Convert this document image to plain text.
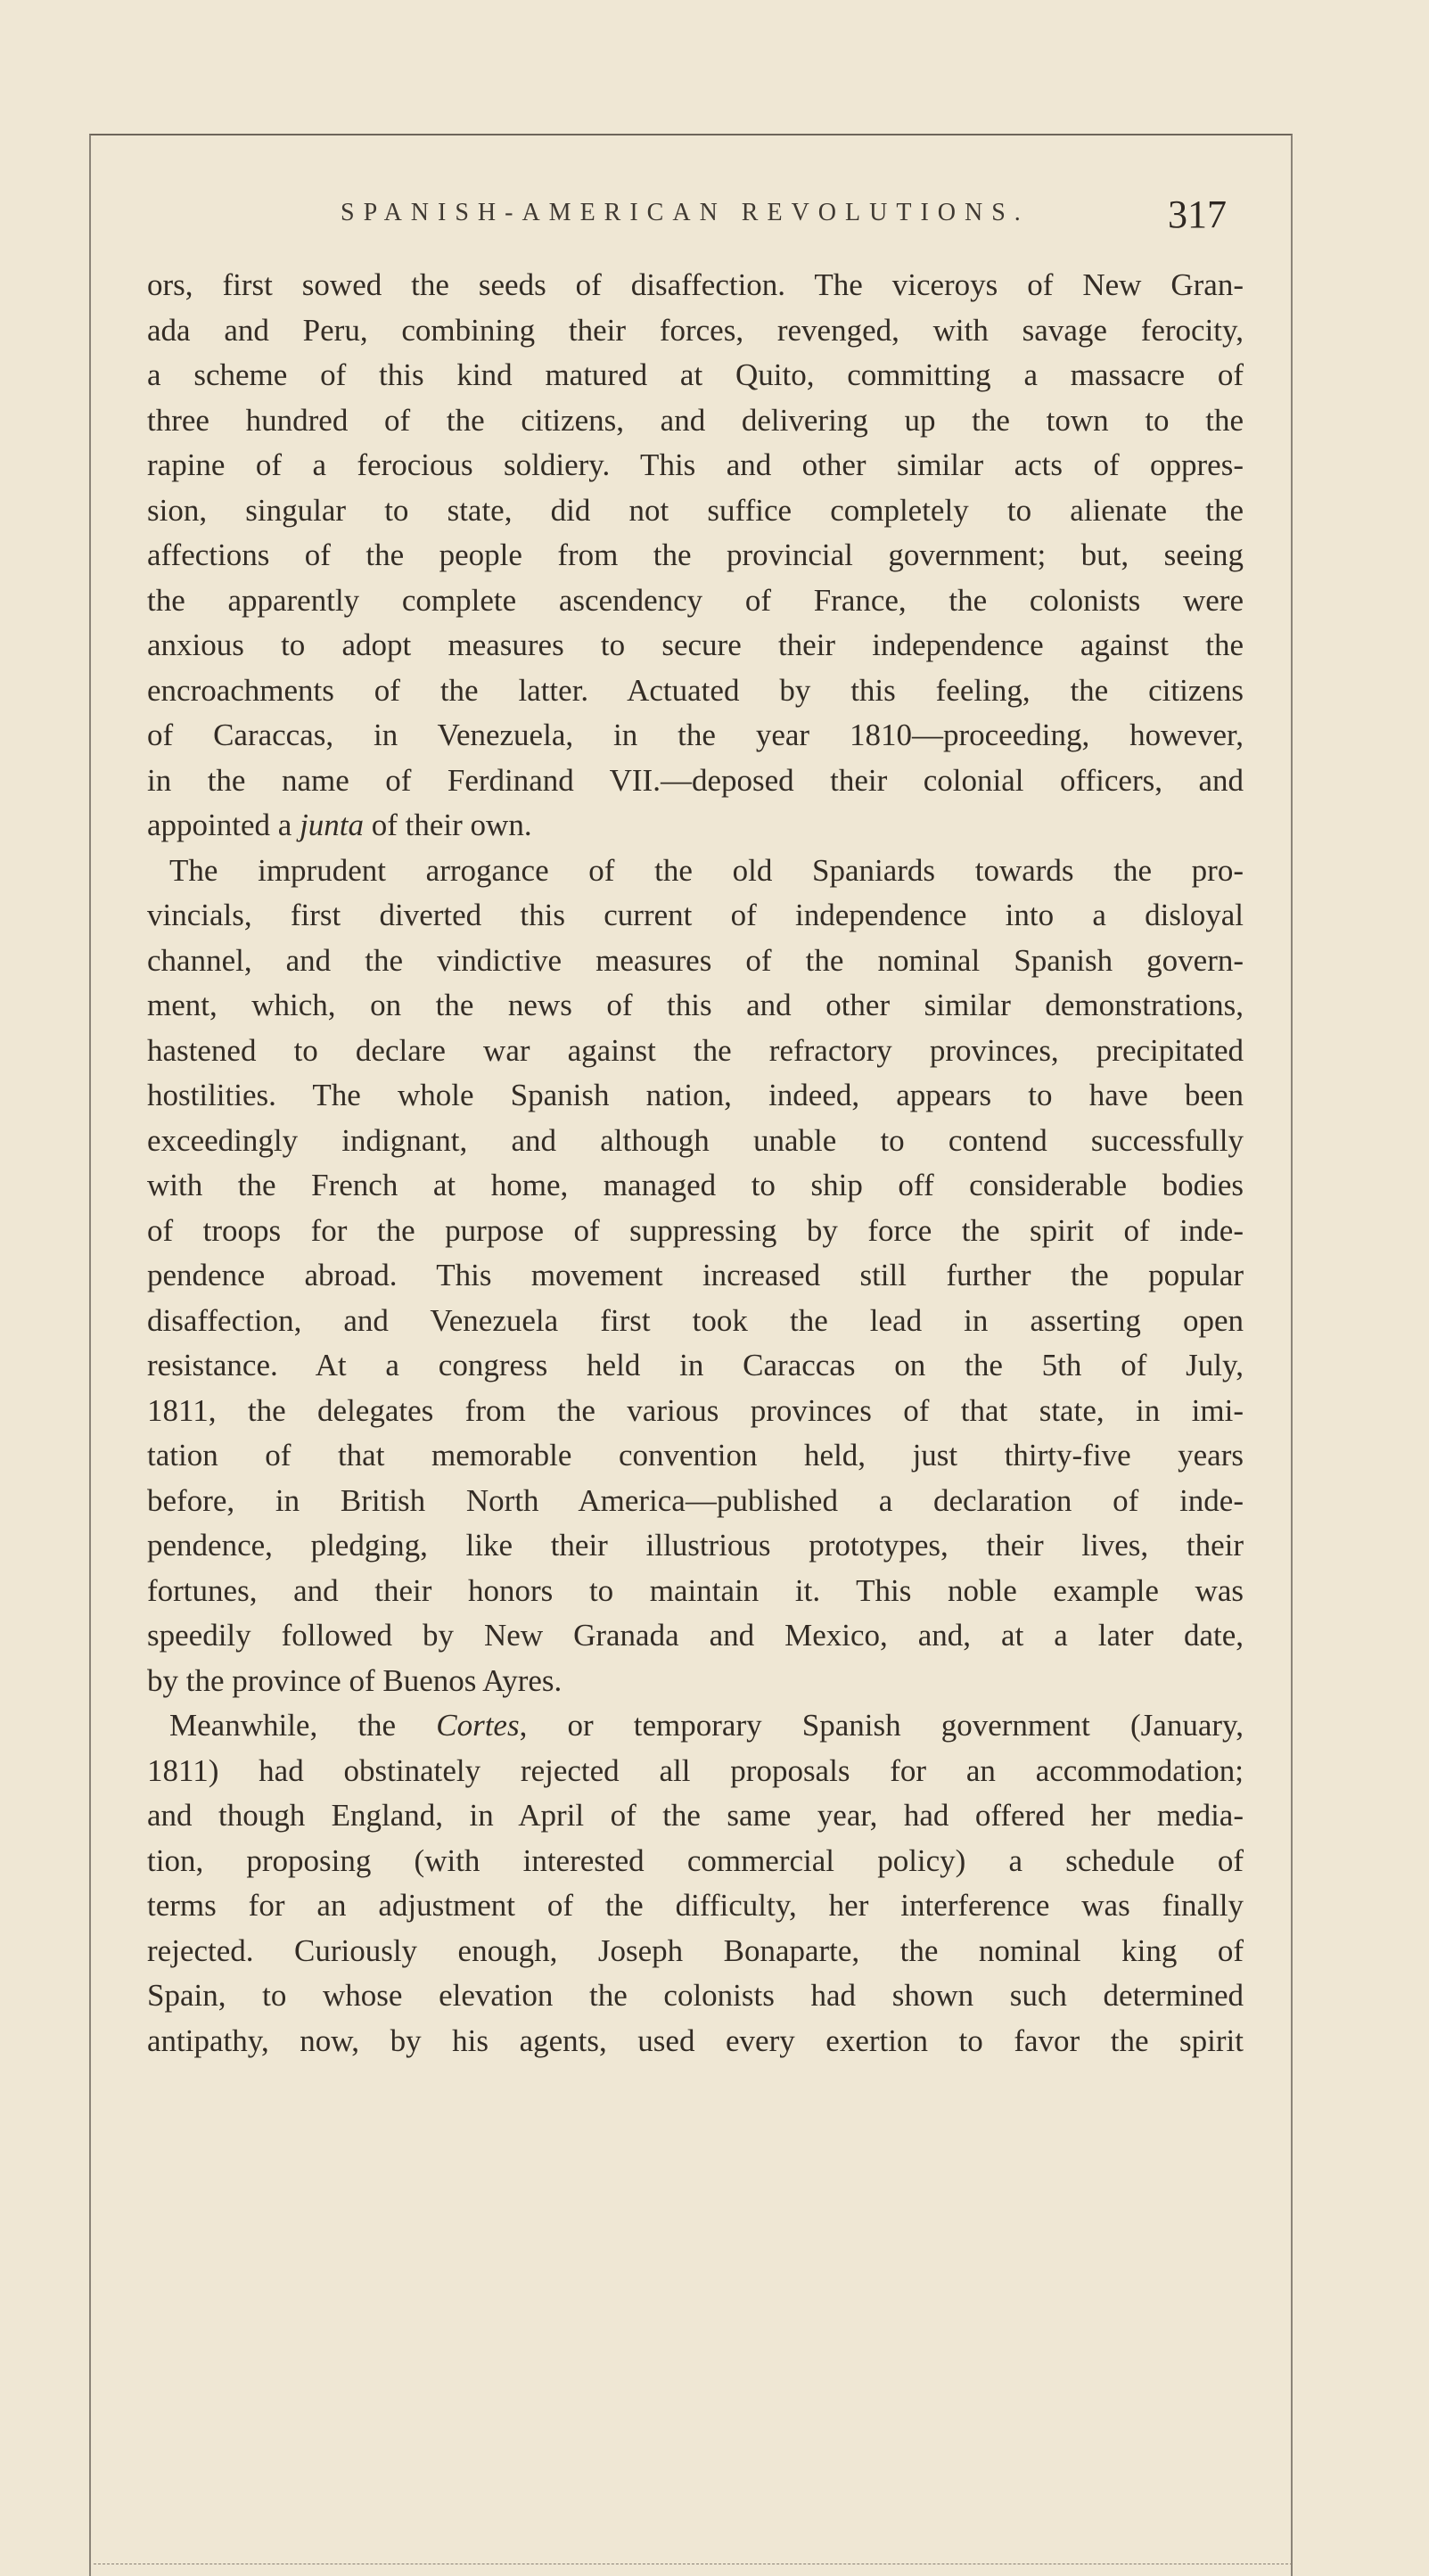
SPANISH-AMERICAN REVOLUTIONS.	317
ors, first sowed the seeds of disaffection. The viceroys of New Gran-
ada and Peru, combining their forces, revenged, with savage ferocity,
a scheme of this kind matured at Quito, committing a massacre of
three hundred of the citizens, and delivering up the town to the
rapine of a ferocious soldiery. This and other similar acts of oppres-
sion, singular to state, did not suffice completely to alienate the
affections of the people from the provincial government; but, seeing
the apparently complete ascendency of France, the colonists were
anxious to adopt measures to secure their independence against the
encroachments of the latter. Actuated by this feeling, the citizens
of Caraccas, in Venezuela, in the year 1810—proceeding, however,
in the name of Ferdinand VII.—deposed their colonial officers, and
appointed a junta of their own.
The imprudent arrogance of the old Spaniards towards the pro-
vincials, first diverted this current of independence into a disloyal
channel, and the vindictive measures of the nominal Spanish govern-
ment, which, on the news of this and other similar demonstrations,
hastened to declare war against the refractory provinces, precipitated
hostilities. The whole Spanish nation, indeed, appears to have been
exceedingly indignant, and although unable to contend successfully
with the French at home, managed to ship off considerable bodies
of troops for the purpose of suppressing by force the spirit of inde-
pendence abroad. This movement increased still further the popular
disaffection, and Venezuela first took the lead in asserting open
resistance. At a congress held in Caraccas on the 5th of July,
1811, the delegates from the various provinces of that state, in imi-
tation of that memorable convention held, just thirty-five years
before, in British North America—published a declaration of inde-
pendence, pledging, like their illustrious prototypes, their lives, their
fortunes, and their honors to maintain it. This noble example was
speedily followed by New Granada and Mexico, and, at a later date,
by the province of Buenos Ayres.
Meanwhile, the Cortes, or temporary Spanish government (January,
1811) had obstinately rejected all proposals for an accommodation;
and though England, in April of the same year, had offered her media-
tion, proposing (with interested commercial policy) a schedule of
terms for an adjustment of the difficulty, her interference was finally
rejected. Curiously enough, Joseph Bonaparte, the nominal king of
Spain, to whose elevation the colonists had shown such determined
antipathy, now, by his agents, used every exertion to favor the spirit
